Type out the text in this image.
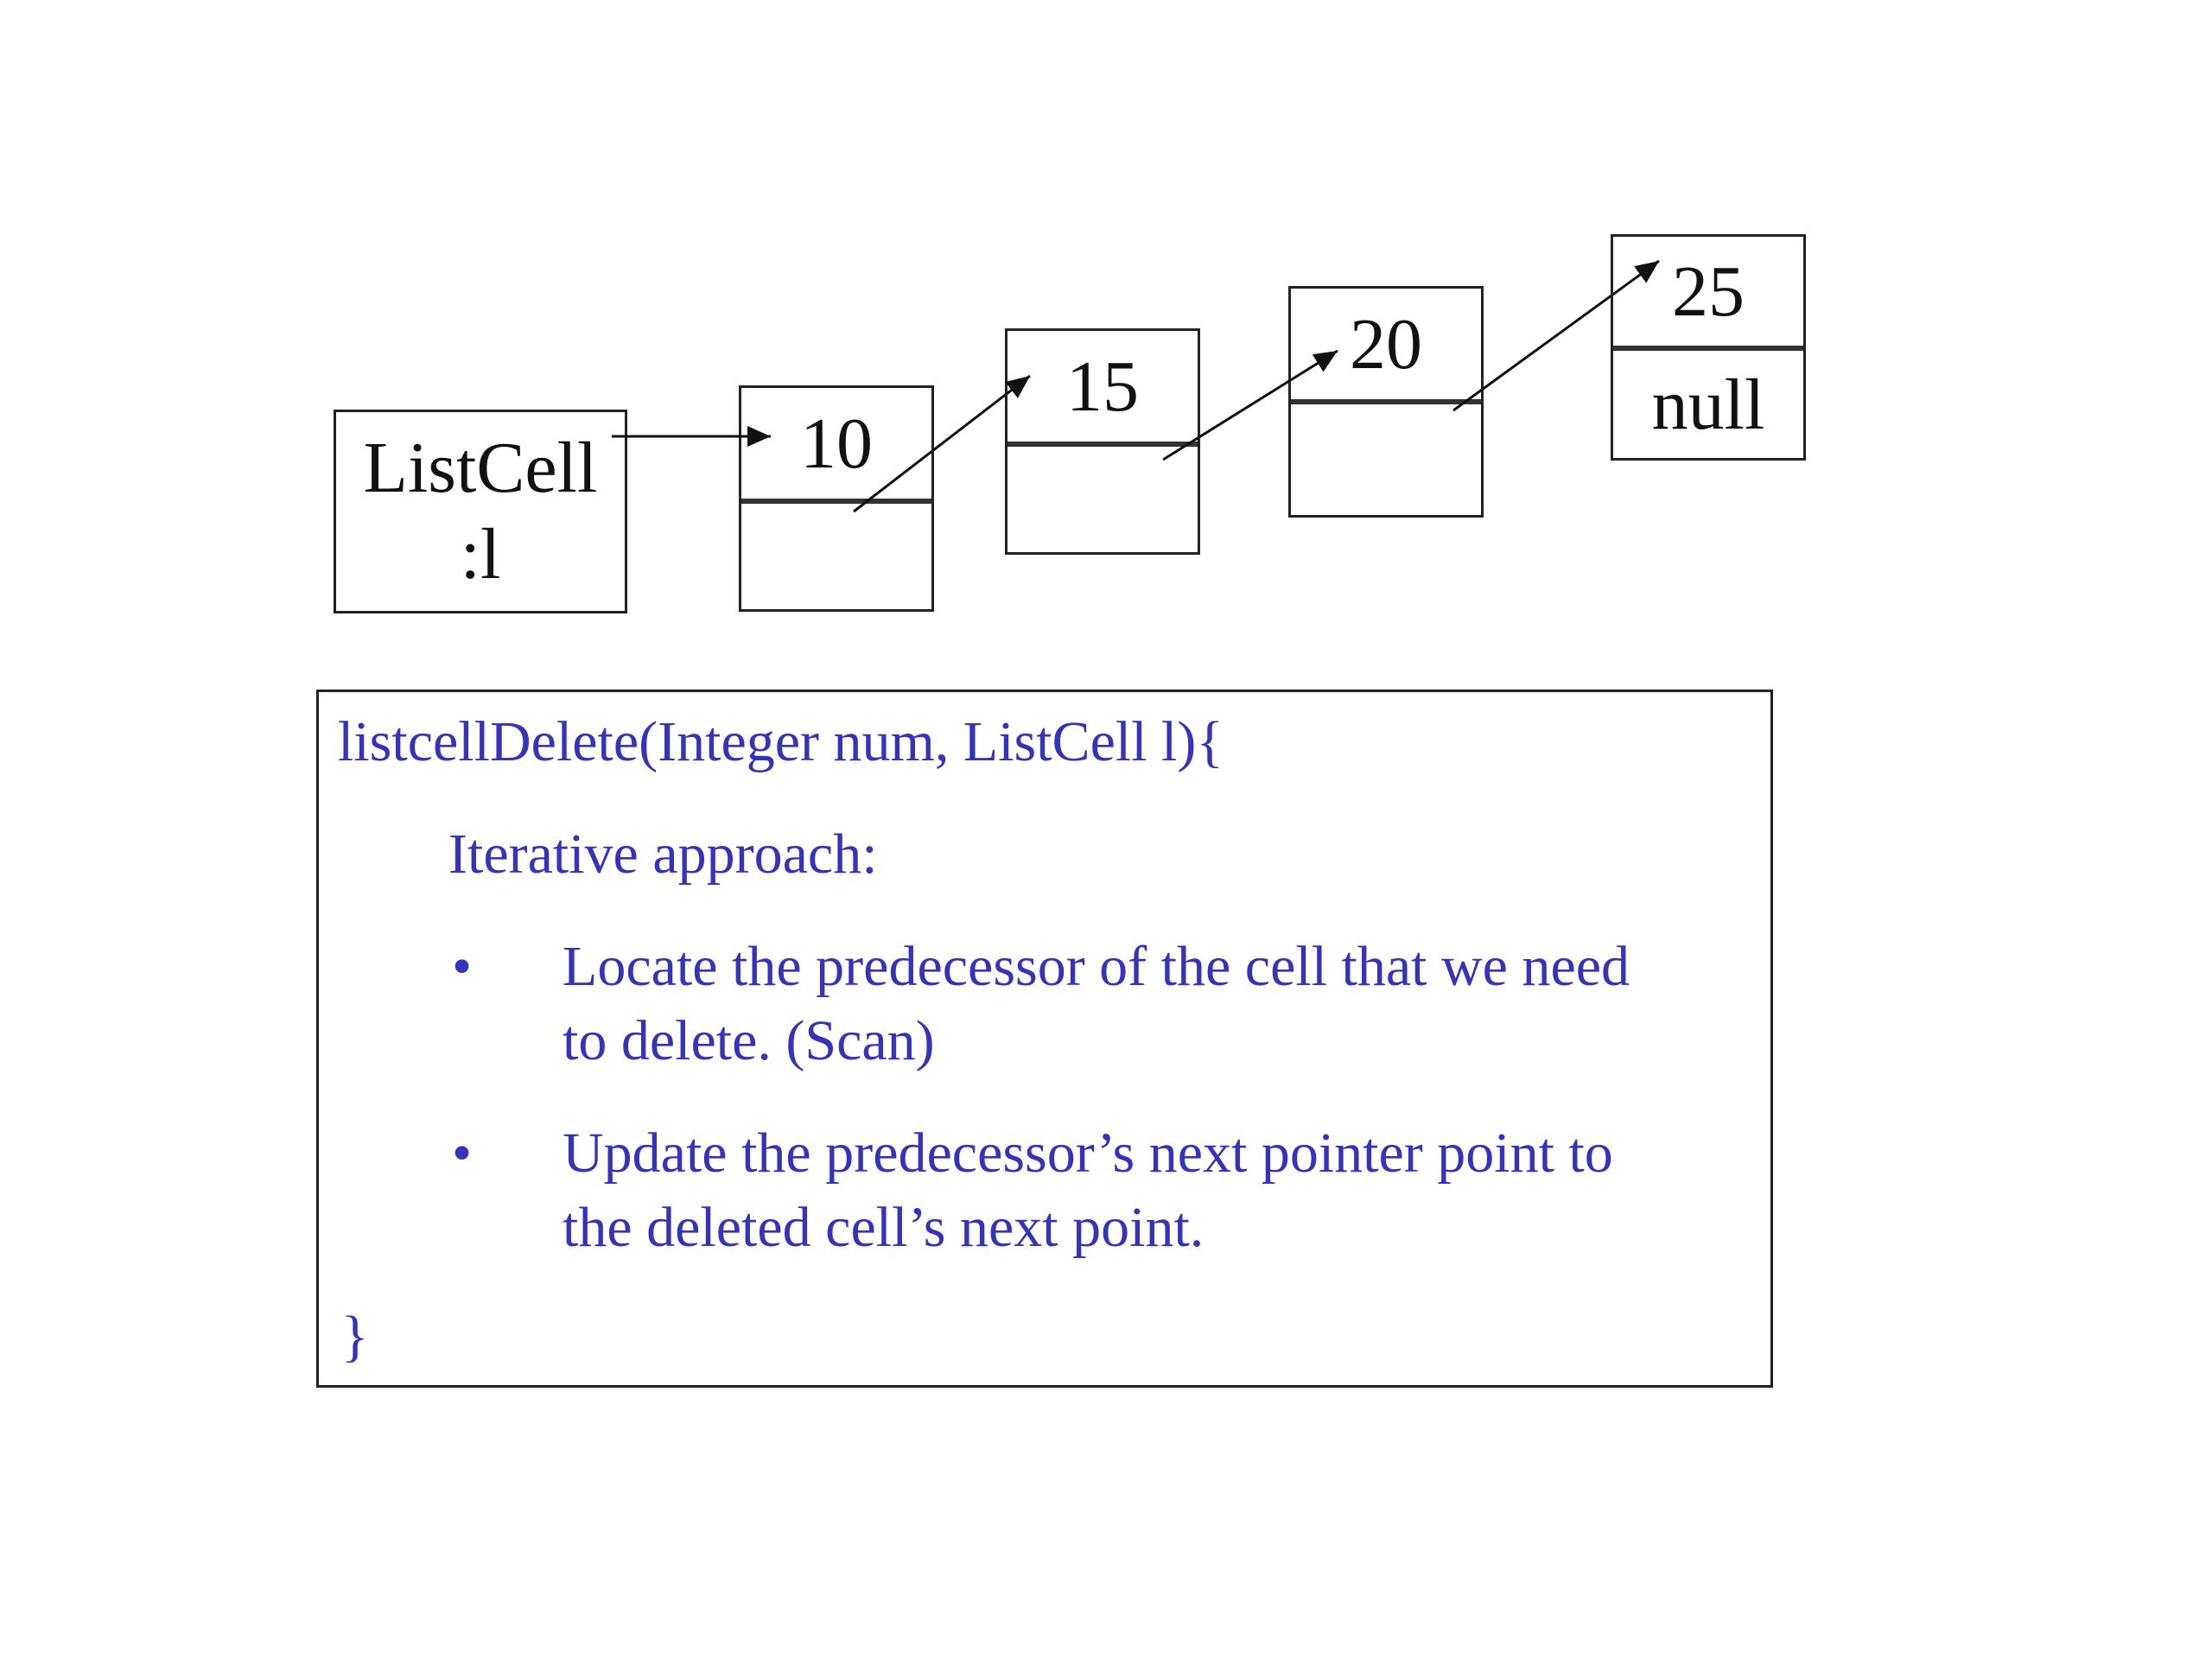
ListCell
:l
10
15
20
25
null
listcellDelete(Integer num, ListCell l){
Iterative approach:
• Locate the predecessor of the cell that we need
to delete. (Scan)
• Update the predecessor’s next pointer point to
the deleted cell’s next point.
}
